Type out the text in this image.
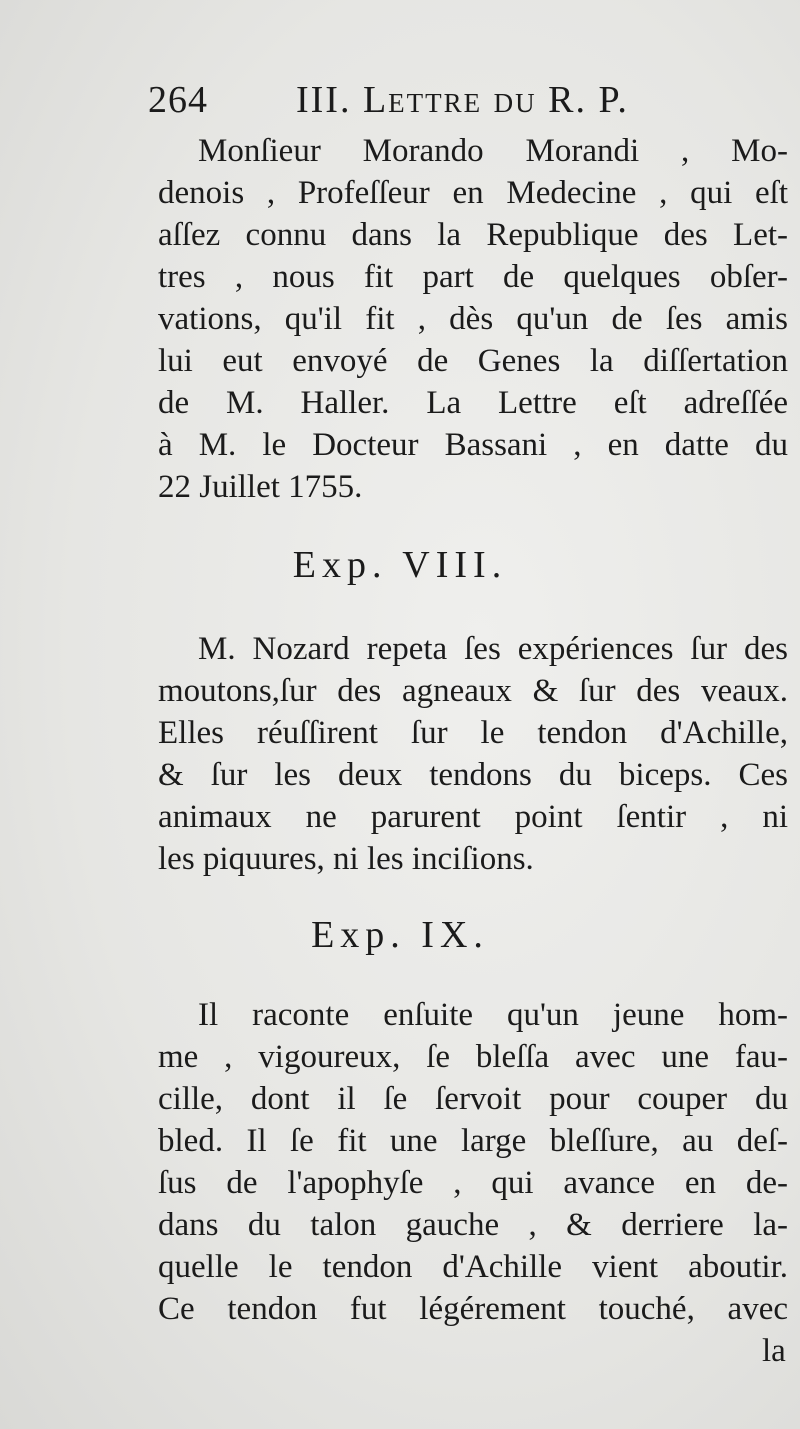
264 III. Lettre du R. P.
Monſieur Morando Morandi , Mo-
denois , Profeſſeur en Medecine , qui eſt
aſſez connu dans la Republique des Let-
tres , nous fit part de quelques obſer-
vations, qu'il fit , dès qu'un de ſes amis
lui eut envoyé de Genes la diſſertation
de M. Haller. La Lettre eſt adreſſée
à M. le Docteur Bassani , en datte du
22 Juillet 1755.
Exp. VIII.
M. Nozard repeta ſes expériences ſur des
moutons,ſur des agneaux & ſur des veaux.
Elles réuſſirent ſur le tendon d'Achille,
& ſur les deux tendons du biceps. Ces
animaux ne parurent point ſentir , ni
les piquures, ni les inciſions.
Exp. IX.
Il raconte enſuite qu'un jeune hom-
me , vigoureux, ſe bleſſa avec une fau-
cille, dont il ſe ſervoit pour couper du
bled. Il ſe fit une large bleſſure, au deſ-
ſus de l'apophyſe , qui avance en de-
dans du talon gauche , & derriere la-
quelle le tendon d'Achille vient aboutir.
Ce tendon fut légérement touché, avec
la
